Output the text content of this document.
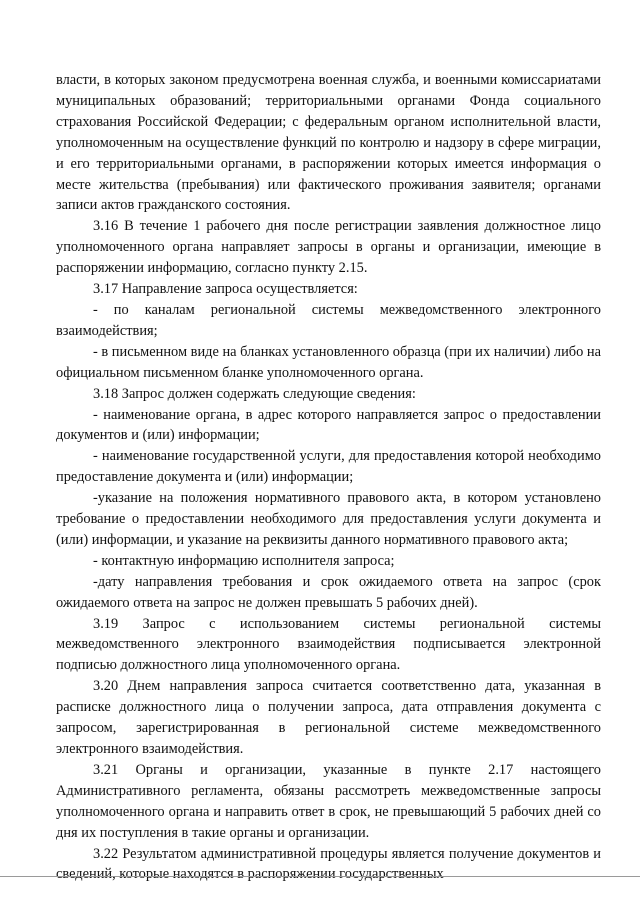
власти, в которых законом предусмотрена военная служба, и военными комиссариатами муниципальных образований; территориальными органами Фонда социального страхования Российской Федерации; с федеральным органом исполнительной власти, уполномоченным на осуществление функций по контролю и надзору в сфере миграции, и его территориальными органами, в распоряжении которых имеется информация о месте жительства (пребывания) или фактического проживания заявителя; органами записи актов гражданского состояния.

3.16 В течение 1 рабочего дня после регистрации заявления должностное лицо уполномоченного органа направляет запросы в органы и организации, имеющие в распоряжении информацию, согласно пункту 2.15.

3.17 Направление запроса осуществляется:

- по каналам региональной системы межведомственного электронного взаимодействия;

- в письменном виде на бланках установленного образца (при их наличии) либо на официальном письменном бланке уполномоченного органа.

3.18 Запрос должен содержать следующие сведения:

- наименование органа, в адрес которого направляется запрос о предоставлении документов и (или) информации;

- наименование государственной услуги, для предоставления которой необходимо предоставление документа и (или) информации;

-указание на положения нормативного правового акта, в котором установлено требование о предоставлении необходимого для предоставления услуги документа и (или) информации, и указание на реквизиты данного нормативного правового акта;

- контактную информацию исполнителя запроса;

-дату направления требования и срок ожидаемого ответа на запрос (срок ожидаемого ответа на запрос не должен превышать 5 рабочих дней).

3.19 Запрос с использованием системы региональной системы межведомственного электронного взаимодействия подписывается электронной подписью должностного лица уполномоченного органа.

3.20 Днем направления запроса считается соответственно дата, указанная в расписке должностного лица о получении запроса, дата отправления документа с запросом, зарегистрированная в региональной системе межведомственного электронного взаимодействия.

3.21 Органы и организации, указанные в пункте 2.17 настоящего Административного регламента, обязаны рассмотреть межведомственные запросы уполномоченного органа и направить ответ в срок, не превышающий 5 рабочих дней со дня их поступления в такие органы и организации.

3.22 Результатом административной процедуры является получение документов и сведений, которые находятся в распоряжении государственных
